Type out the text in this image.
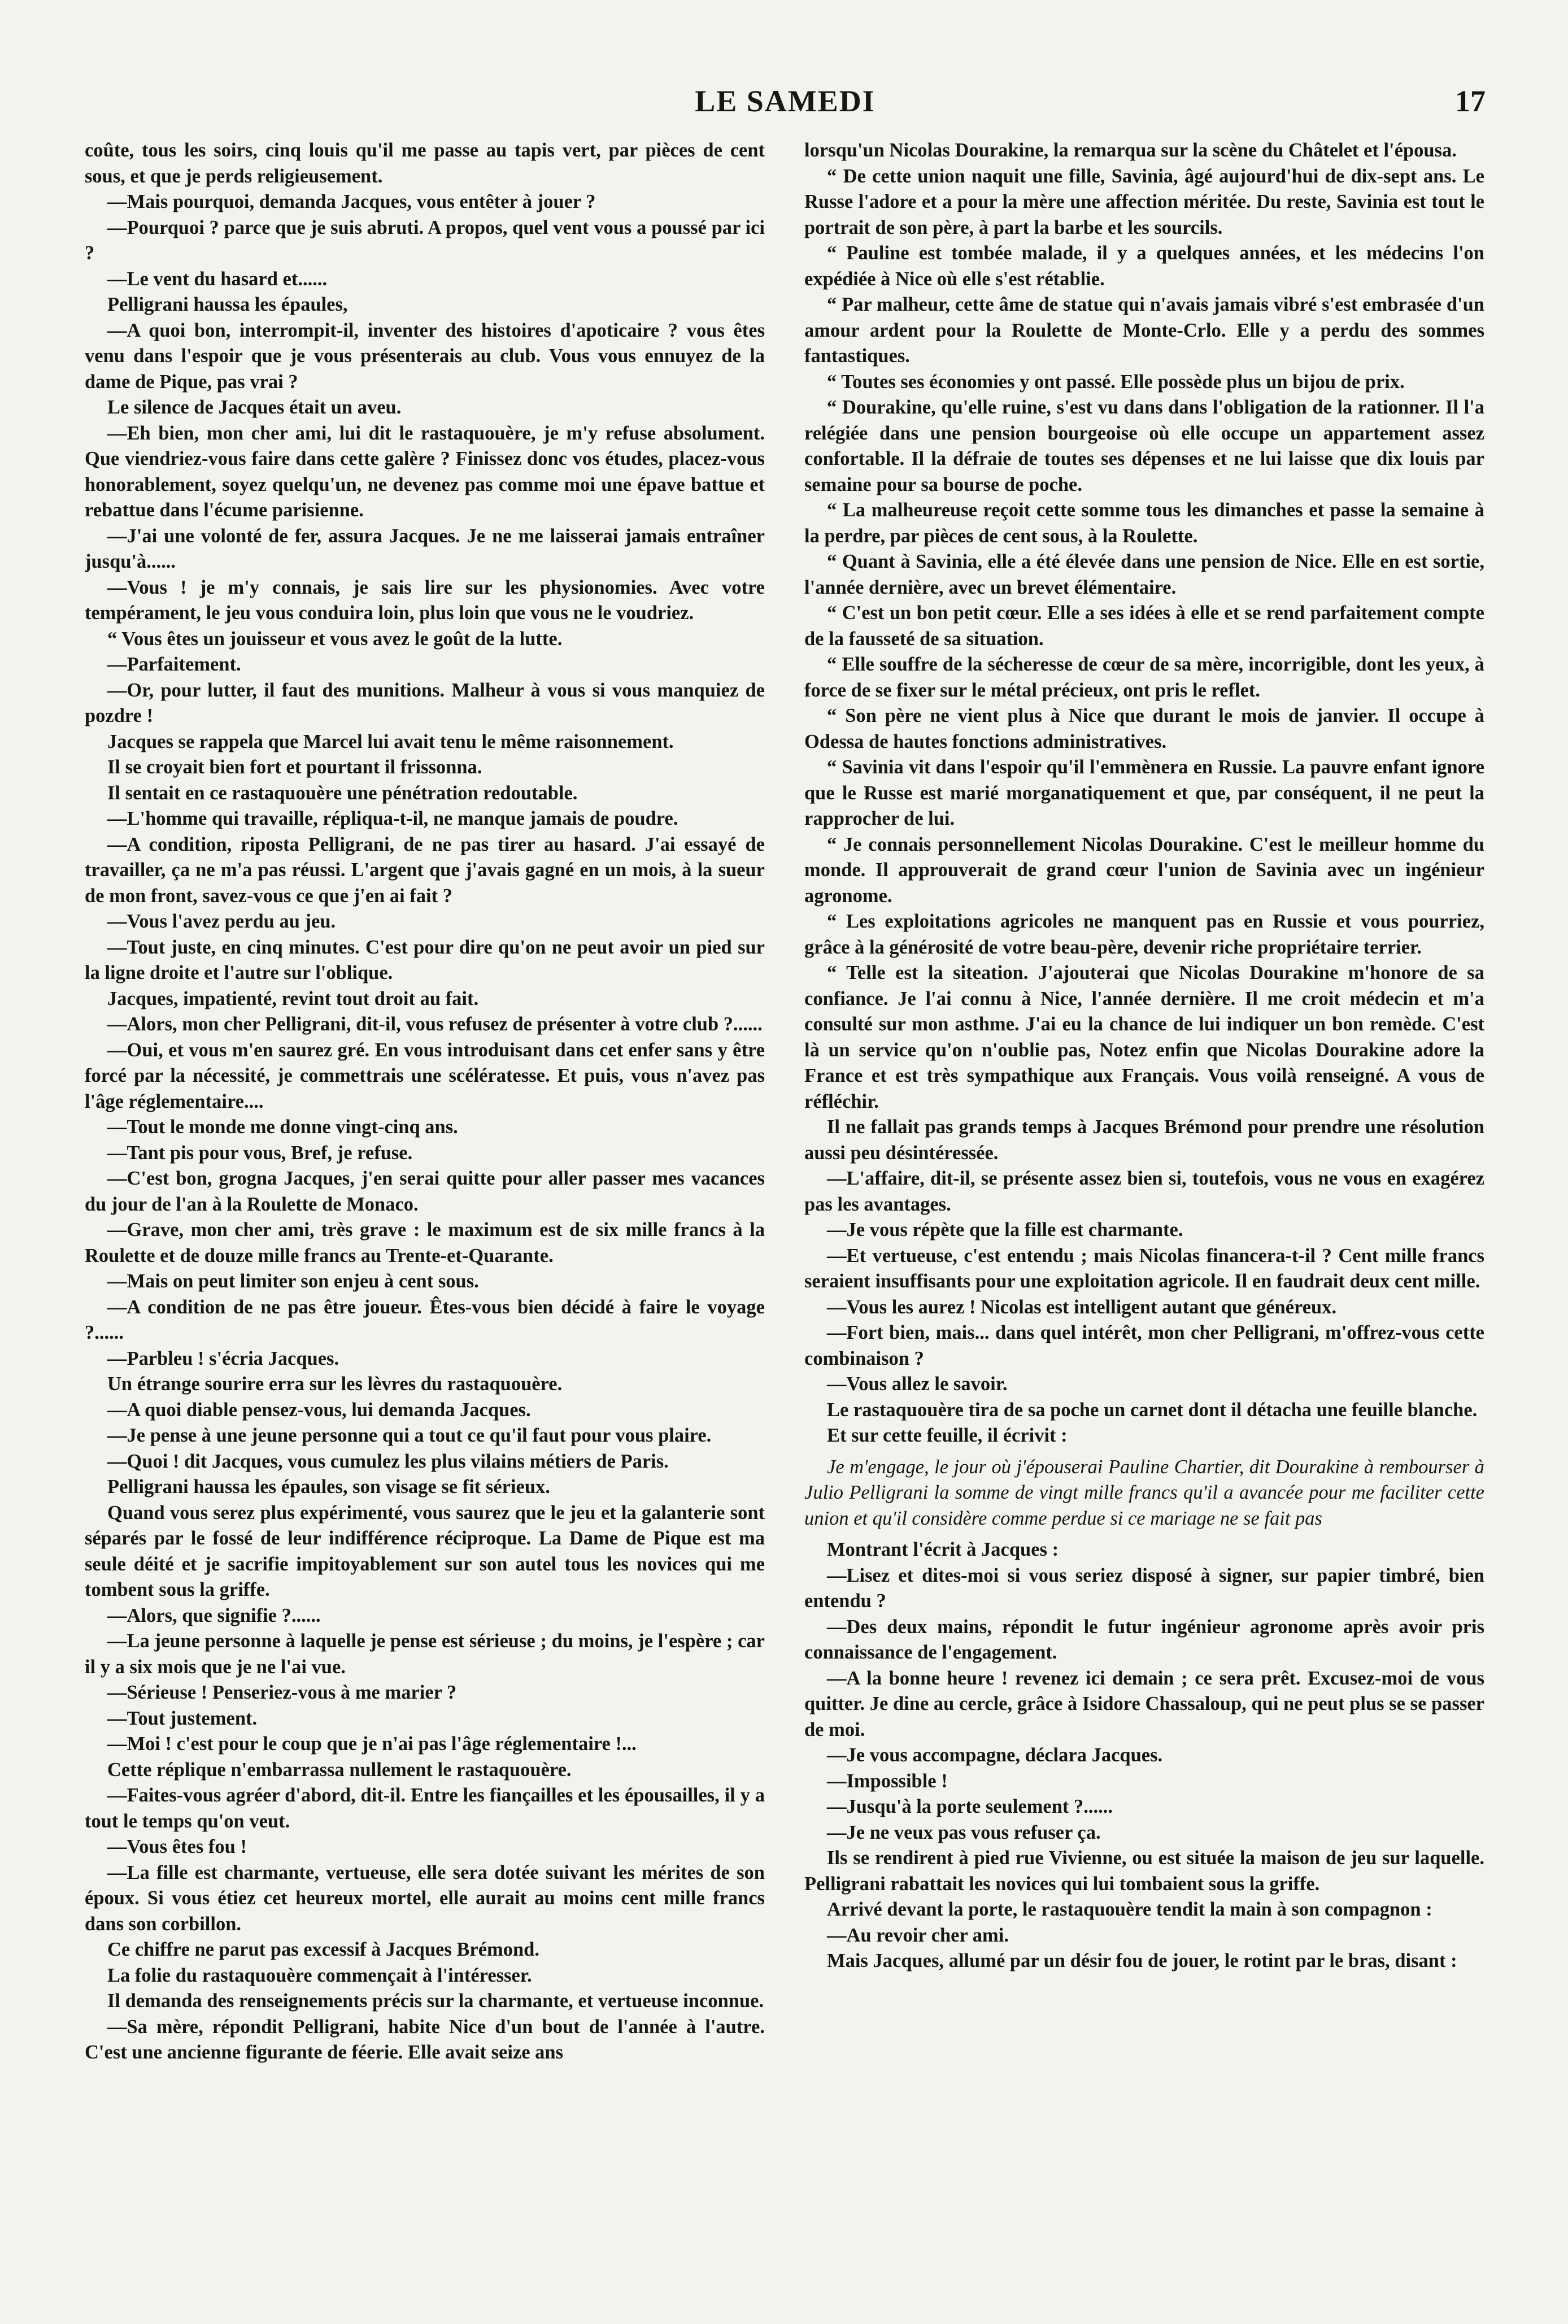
LE SAMEDI	17

coûte, tous les soirs, cinq louis qu'il me passe au tapis vert, par pièces de cent sous, et que je perds religieusement.

—Mais pourquoi, demanda Jacques, vous entêter à jouer ?

—Pourquoi ? parce que je suis abruti. A propos, quel vent vous a poussé par ici ?

—Le vent du hasard et......

Pelligrani haussa les épaules,

—A quoi bon, interrompit-il, inventer des histoires d'apoticaire ? vous êtes venu dans l'espoir que je vous présenterais au club. Vous vous ennuyez de la dame de Pique, pas vrai ?

Le silence de Jacques était un aveu.

—Eh bien, mon cher ami, lui dit le rastaquouère, je m'y refuse absolument. Que viendriez-vous faire dans cette galère ? Finissez donc vos études, placez-vous honorablement, soyez quelqu'un, ne devenez pas comme moi une épave battue et rebattue dans l'écume parisienne.

—J'ai une volonté de fer, assura Jacques. Je ne me laisserai jamais entraîner jusqu'à......

—Vous ! je m'y connais, je sais lire sur les physionomies. Avec votre tempérament, le jeu vous conduira loin, plus loin que vous ne le voudriez.

“ Vous êtes un jouisseur et vous avez le goût de la lutte.

—Parfaitement.

—Or, pour lutter, il faut des munitions. Malheur à vous si vous manquiez de pozdre !

Jacques se rappela que Marcel lui avait tenu le même raisonnement.

Il se croyait bien fort et pourtant il frissonna.

Il sentait en ce rastaquouère une pénétration redoutable.

—L'homme qui travaille, répliqua-t-il, ne manque jamais de poudre.

—A condition, riposta Pelligrani, de ne pas tirer au hasard. J'ai essayé de travailler, ça ne m'a pas réussi. L'argent que j'avais gagné en un mois, à la sueur de mon front, savez-vous ce que j'en ai fait ?

—Vous l'avez perdu au jeu.

—Tout juste, en cinq minutes. C'est pour dire qu'on ne peut avoir un pied sur la ligne droite et l'autre sur l'oblique.

Jacques, impatienté, revint tout droit au fait.

—Alors, mon cher Pelligrani, dit-il, vous refusez de présenter à votre club ?......

—Oui, et vous m'en saurez gré. En vous introduisant dans cet enfer sans y être forcé par la nécessité, je commettrais une scélératesse. Et puis, vous n'avez pas l'âge réglementaire....

—Tout le monde me donne vingt-cinq ans.

—Tant pis pour vous, Bref, je refuse.

—C'est bon, grogna Jacques, j'en serai quitte pour aller passer mes vacances du jour de l'an à la Roulette de Monaco.

—Grave, mon cher ami, très grave : le maximum est de six mille francs à la Roulette et de douze mille francs au Trente-et-Quarante.

—Mais on peut limiter son enjeu à cent sous.

—A condition de ne pas être joueur. Êtes-vous bien décidé à faire le voyage ?......

—Parbleu ! s'écria Jacques.

Un étrange sourire erra sur les lèvres du rastaquouère.

—A quoi diable pensez-vous, lui demanda Jacques.

—Je pense à une jeune personne qui a tout ce qu'il faut pour vous plaire.

—Quoi ! dit Jacques, vous cumulez les plus vilains métiers de Paris.

Pelligrani haussa les épaules, son visage se fit sérieux.

Quand vous serez plus expérimenté, vous saurez que le jeu et la galanterie sont séparés par le fossé de leur indifférence réciproque. La Dame de Pique est ma seule déité et je sacrifie impitoyablement sur son autel tous les novices qui me tombent sous la griffe.

—Alors, que signifie ?......

—La jeune personne à laquelle je pense est sérieuse ; du moins, je l'espère ; car il y a six mois que je ne l'ai vue.

—Sérieuse ! Penseriez-vous à me marier ?

—Tout justement.

—Moi ! c'est pour le coup que je n'ai pas l'âge réglementaire !...

Cette réplique n'embarrassa nullement le rastaquouère.

—Faites-vous agréer d'abord, dit-il. Entre les fiançailles et les épousailles, il y a tout le temps qu'on veut.

—Vous êtes fou !

—La fille est charmante, vertueuse, elle sera dotée suivant les mérites de son époux. Si vous étiez cet heureux mortel, elle aurait au moins cent mille francs dans son corbillon.

Ce chiffre ne parut pas excessif à Jacques Brémond.

La folie du rastaquouère commençait à l'intéresser.

Il demanda des renseignements précis sur la charmante, et vertueuse inconnue.

—Sa mère, répondit Pelligrani, habite Nice d'un bout de l'année à l'autre. C'est une ancienne figurante de féerie. Elle avait seize ans

lorsqu'un Nicolas Dourakine, la remarqua sur la scène du Châtelet et l'épousa.

“ De cette union naquit une fille, Savinia, âgé aujourd'hui de dix-sept ans. Le Russe l'adore et a pour la mère une affection méritée. Du reste, Savinia est tout le portrait de son père, à part la barbe et les sourcils.

“ Pauline est tombée malade, il y a quelques années, et les médecins l'on expédiée à Nice où elle s'est rétablie.

“ Par malheur, cette âme de statue qui n'avais jamais vibré s'est embrasée d'un amour ardent pour la Roulette de Monte-Crlo. Elle y a perdu des sommes fantastiques.

“ Toutes ses économies y ont passé. Elle possède plus un bijou de prix.

“ Dourakine, qu'elle ruine, s'est vu dans dans l'obligation de la rationner. Il l'a relégiée dans une pension bourgeoise où elle occupe un appartement assez confortable. Il la défraie de toutes ses dépenses et ne lui laisse que dix louis par semaine pour sa bourse de poche.

“ La malheureuse reçoit cette somme tous les dimanches et passe la semaine à la perdre, par pièces de cent sous, à la Roulette.

“ Quant à Savinia, elle a été élevée dans une pension de Nice. Elle en est sortie, l'année dernière, avec un brevet élémentaire.

“ C'est un bon petit cœur. Elle a ses idées à elle et se rend parfaitement compte de la fausseté de sa situation.

“ Elle souffre de la sécheresse de cœur de sa mère, incorrigible, dont les yeux, à force de se fixer sur le métal précieux, ont pris le reflet.

“ Son père ne vient plus à Nice que durant le mois de janvier. Il occupe à Odessa de hautes fonctions administratives.

“ Savinia vit dans l'espoir qu'il l'emmènera en Russie. La pauvre enfant ignore que le Russe est marié morganatiquement et que, par conséquent, il ne peut la rapprocher de lui.

“ Je connais personnellement Nicolas Dourakine. C'est le meilleur homme du monde. Il approuverait de grand cœur l'union de Savinia avec un ingénieur agronome.

“ Les exploitations agricoles ne manquent pas en Russie et vous pourriez, grâce à la générosité de votre beau-père, devenir riche propriétaire terrier.

“ Telle est la siteation. J'ajouterai que Nicolas Dourakine m'honore de sa confiance. Je l'ai connu à Nice, l'année dernière. Il me croit médecin et m'a consulté sur mon asthme. J'ai eu la chance de lui indiquer un bon remède. C'est là un service qu'on n'oublie pas, Notez enfin que Nicolas Dourakine adore la France et est très sympathique aux Français. Vous voilà renseigné. A vous de réfléchir.

Il ne fallait pas grands temps à Jacques Brémond pour prendre une résolution aussi peu désintéressée.

—L'affaire, dit-il, se présente assez bien si, toutefois, vous ne vous en exagérez pas les avantages.

—Je vous répète que la fille est charmante.

—Et vertueuse, c'est entendu ; mais Nicolas financera-t-il ? Cent mille francs seraient insuffisants pour une exploitation agricole. Il en faudrait deux cent mille.

—Vous les aurez ! Nicolas est intelligent autant que généreux.

—Fort bien, mais... dans quel intérêt, mon cher Pelligrani, m'offrez-vous cette combinaison ?

—Vous allez le savoir.

Le rastaquouère tira de sa poche un carnet dont il détacha une feuille blanche.

Et sur cette feuille, il écrivit :

Je m'engage, le jour où j'épouserai Pauline Chartier, dit Dourakine à rembourser à Julio Pelligrani la somme de vingt mille francs qu'il a avancée pour me faciliter cette union et qu'il considère comme perdue si ce mariage ne se fait pas

Montrant l'écrit à Jacques :

—Lisez et dites-moi si vous seriez disposé à signer, sur papier timbré, bien entendu ?

—Des deux mains, répondit le futur ingénieur agronome après avoir pris connaissance de l'engagement.

—A la bonne heure ! revenez ici demain ; ce sera prêt. Excusez-moi de vous quitter. Je dine au cercle, grâce à Isidore Chassaloup, qui ne peut plus se se passer de moi.

—Je vous accompagne, déclara Jacques.

—Impossible !

—Jusqu'à la porte seulement ?......

—Je ne veux pas vous refuser ça.

Ils se rendirent à pied rue Vivienne, ou est située la maison de jeu sur laquelle. Pelligrani rabattait les novices qui lui tombaient sous la griffe.

Arrivé devant la porte, le rastaquouère tendit la main à son compagnon :

—Au revoir cher ami.

Mais Jacques, allumé par un désir fou de jouer, le rotint par le bras, disant :
